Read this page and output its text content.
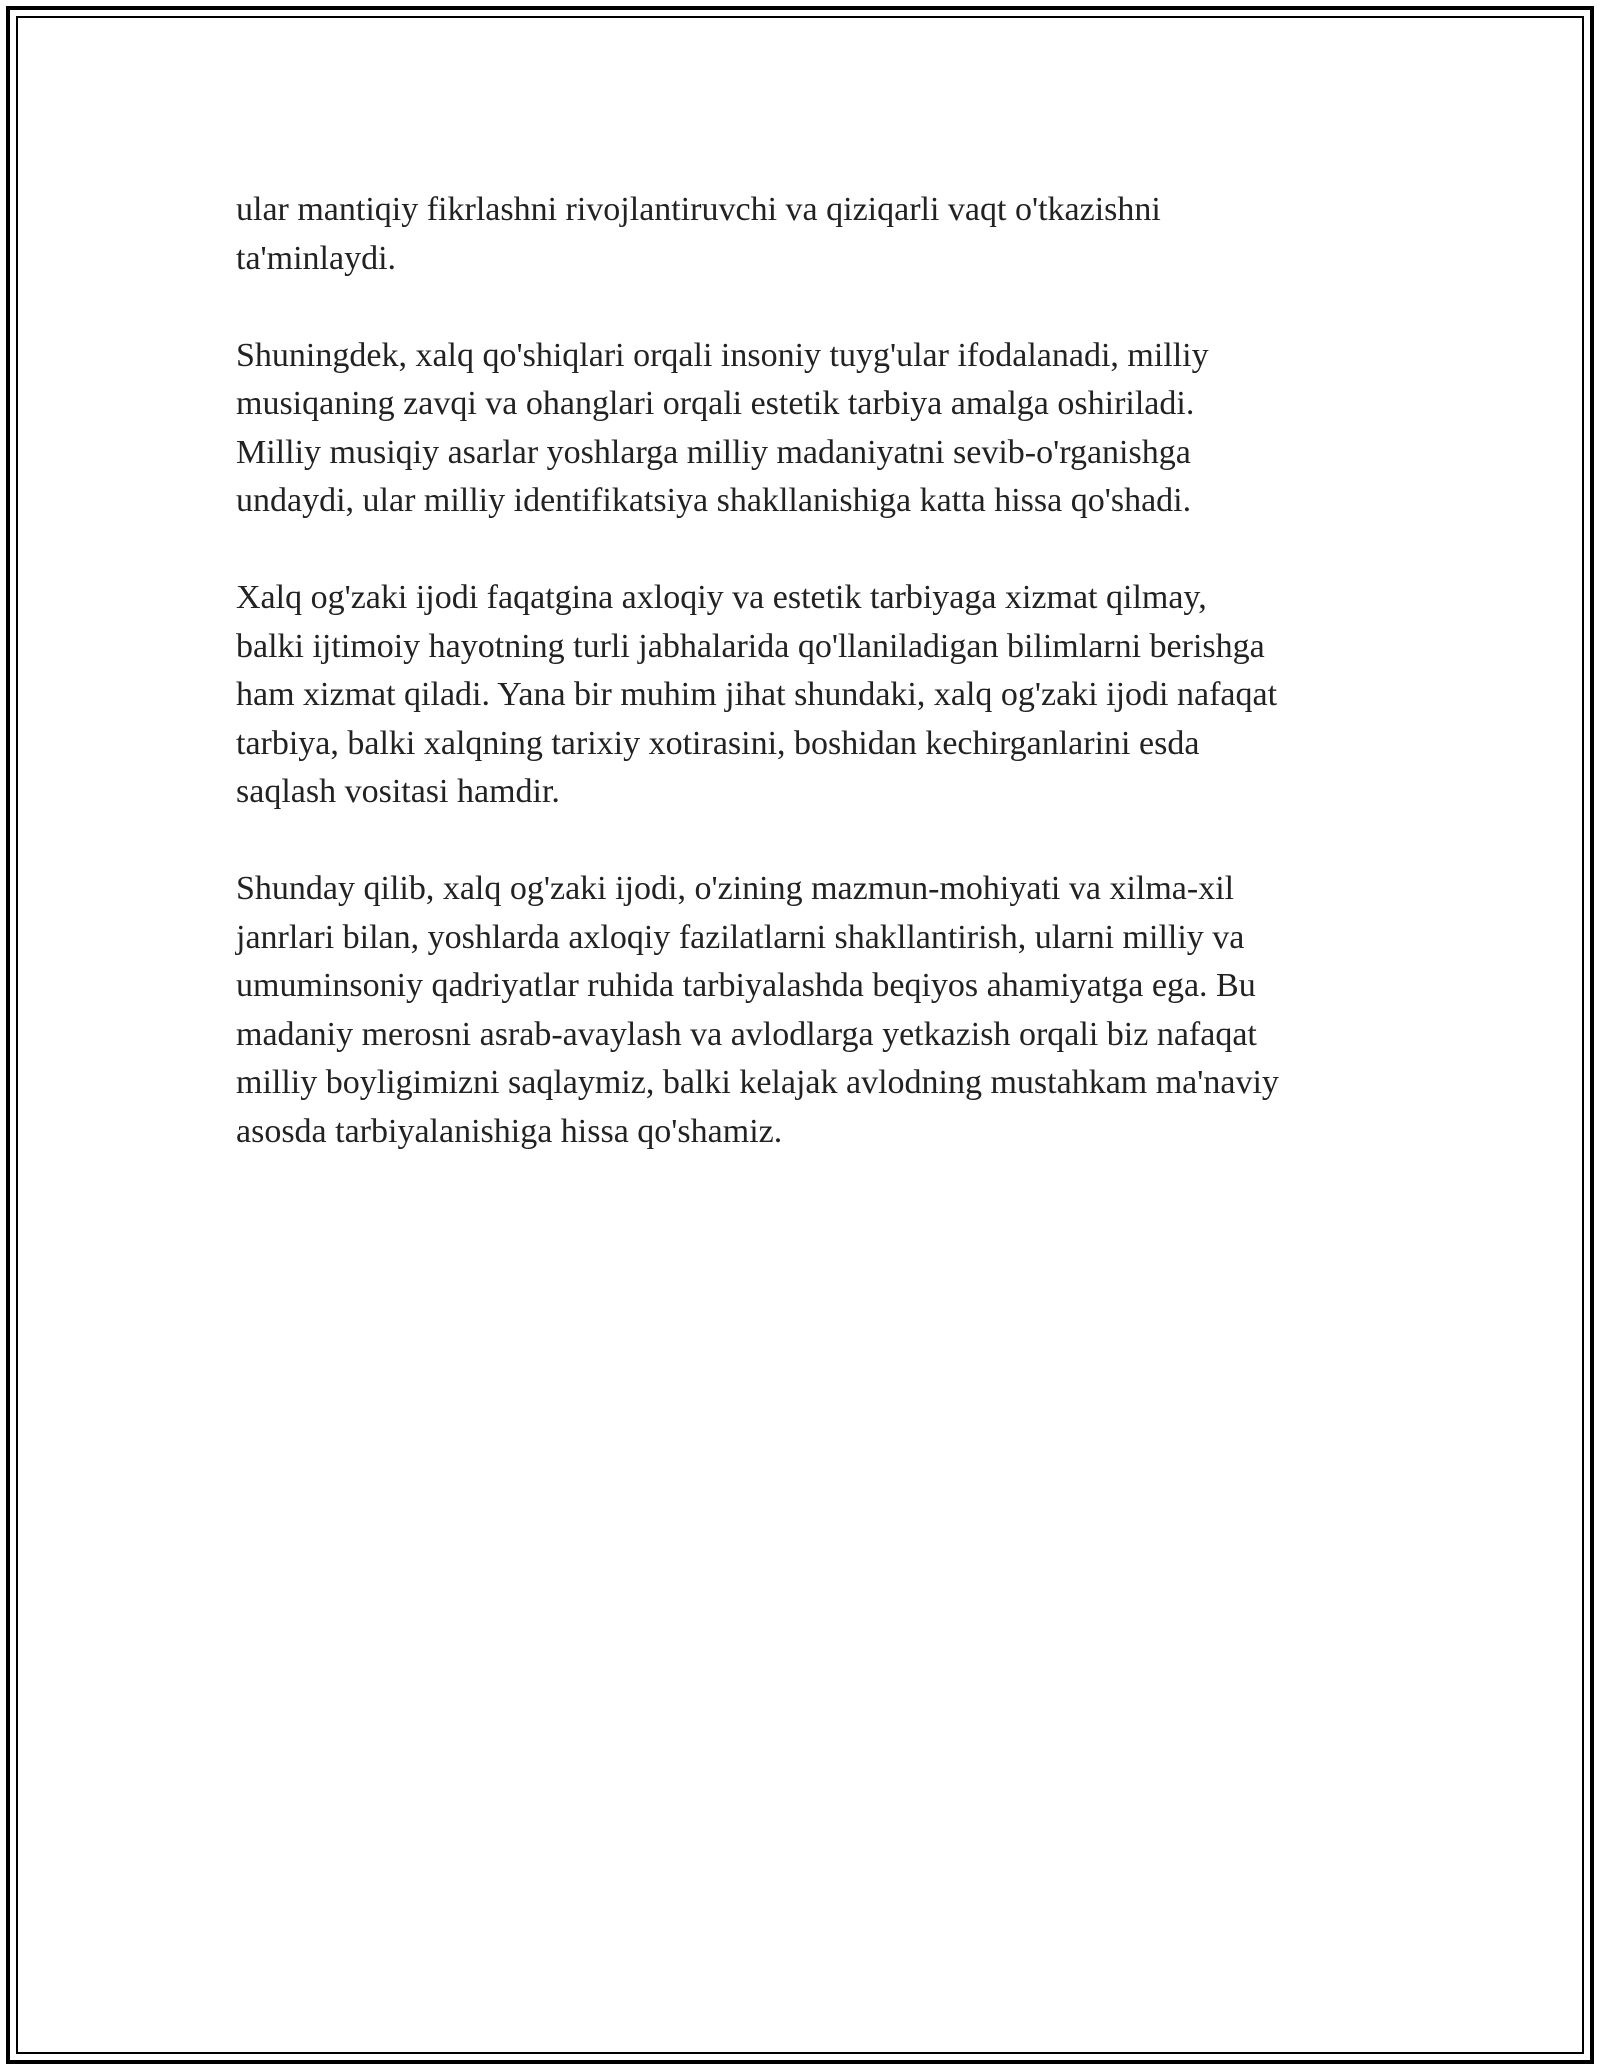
ular mantiqiy fikrlashni rivojlantiruvchi va qiziqarli vaqt o'tkazishni
ta'minlaydi.

Shuningdek, xalq qo'shiqlari orqali insoniy tuyg'ular ifodalanadi, milliy
musiqaning zavqi va ohanglari orqali estetik tarbiya amalga oshiriladi.
Milliy musiqiy asarlar yoshlarga milliy madaniyatni sevib-o'rganishga
undaydi, ular milliy identifikatsiya shakllanishiga katta hissa qo'shadi.

Xalq og'zaki ijodi faqatgina axloqiy va estetik tarbiyaga xizmat qilmay,
balki ijtimoiy hayotning turli jabhalarida qo'llaniladigan bilimlarni berishga
ham xizmat qiladi. Yana bir muhim jihat shundaki, xalq og'zaki ijodi nafaqat
tarbiya, balki xalqning tarixiy xotirasini, boshidan kechirganlarini esda
saqlash vositasi hamdir.

Shunday qilib, xalq og'zaki ijodi, o'zining mazmun-mohiyati va xilma-xil
janrlari bilan, yoshlarda axloqiy fazilatlarni shakllantirish, ularni milliy va
umuminsoniy qadriyatlar ruhida tarbiyalashda beqiyos ahamiyatga ega. Bu
madaniy merosni asrab-avaylash va avlodlarga yetkazish orqali biz nafaqat
milliy boyligimizni saqlaymiz, balki kelajak avlodning mustahkam ma'naviy
asosda tarbiyalanishiga hissa qo'shamiz.
